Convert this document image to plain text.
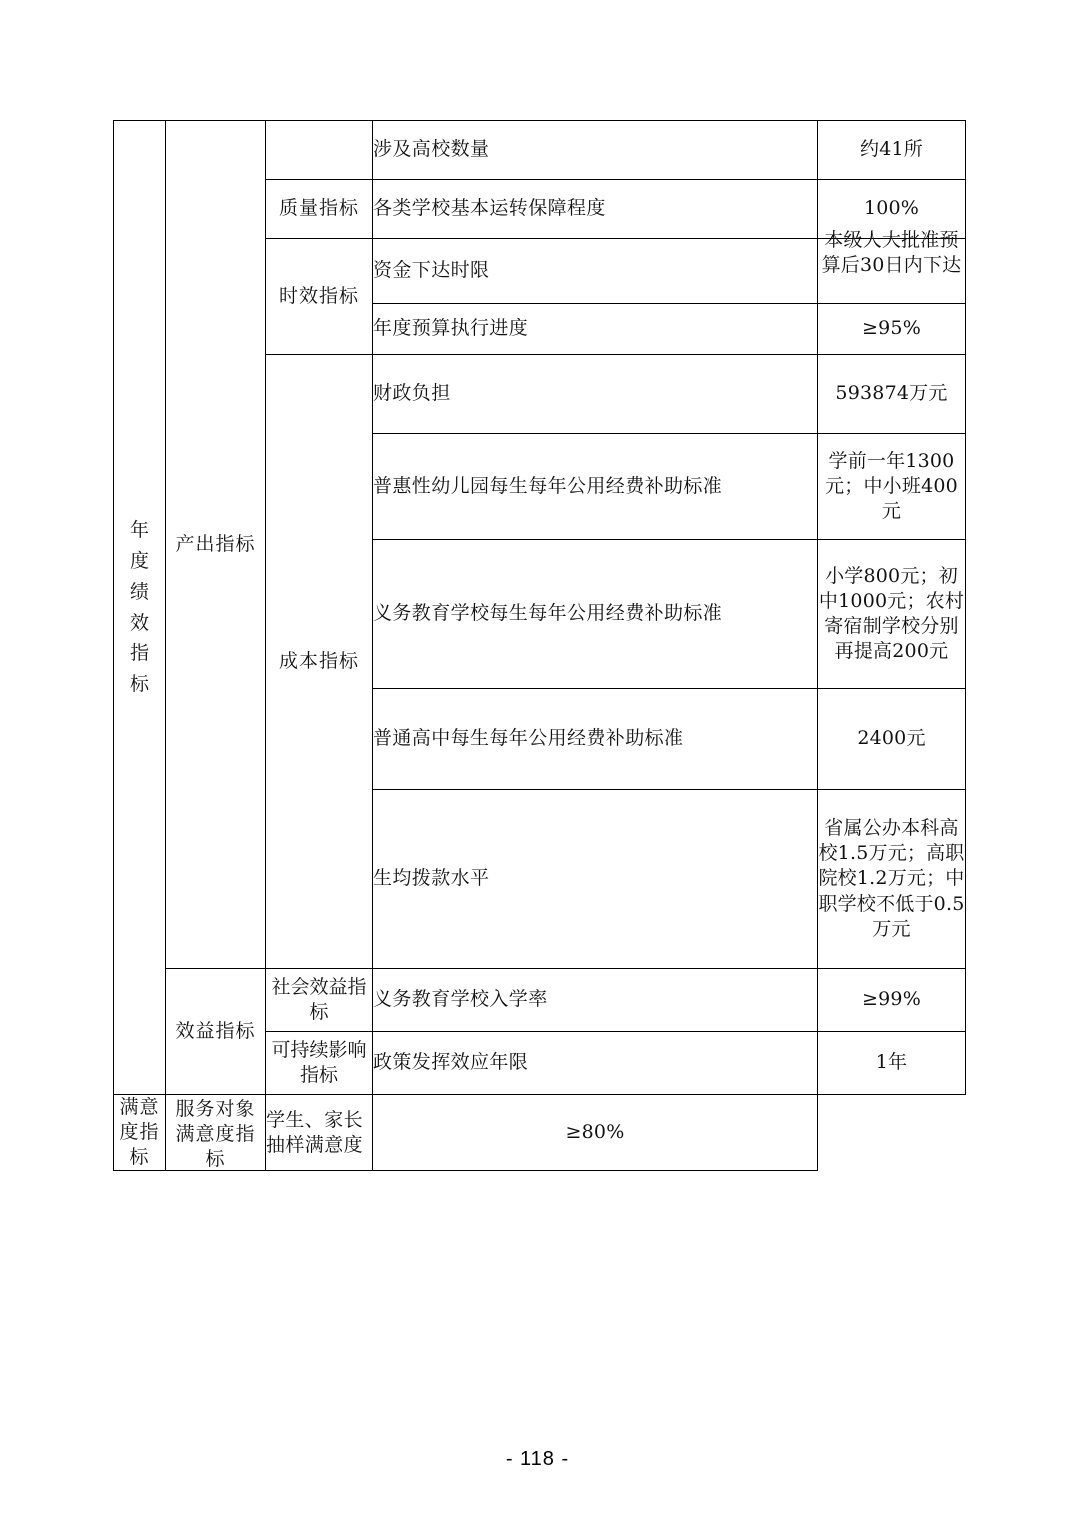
年
度
绩
效
指
标
	产出指标		涉及高校数量	约41所
		质量指标	各类学校基本运转保障程度	100%
		时效指标	资金下达时限	本级人大批准预算后30日内下达

			年度预算执行进度	≥95%
		成本指标	财政负担	593874万元
			普惠性幼儿园每生每年公用经费补助标准	学前一年1300元；中小班400元
			义务教育学校每生每年公用经费补助标准	小学800元；初中1000元；农村寄宿制学校分别再提高200元
			普通高中每生每年公用经费补助标准	2400元
			生均拨款水平	省属公办本科高校1.5万元；高职院校1.2万元；中职学校不低于0.5万元
	效益指标	社会效益指标	义务教育学校入学率	≥99%
		可持续影响指标	政策发挥效应年限	1年
满意度指标	服务对象满意度指标	学生、家长抽样满意度	≥80%	
- 118 -
